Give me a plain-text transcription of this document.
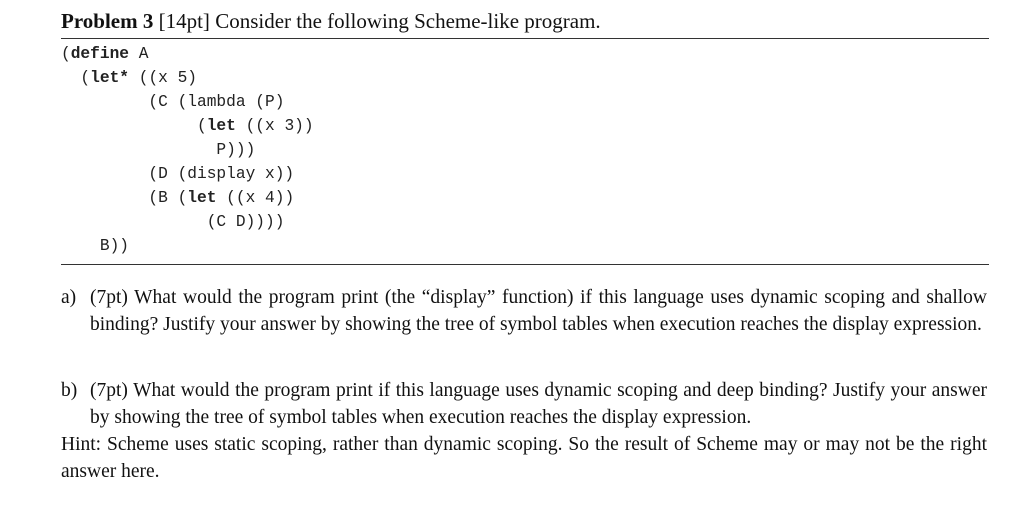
Problem 3 [14pt] Consider the following Scheme-like program.
(define A
(let* ((x 5)
(C (lambda (P)
(let ((x 3))
P)))
(D (display x))
(B (let ((x 4))
(C D))))
B))
a) (7pt) What would the program print (the “display” function) if this language uses dynamic scoping and shallow binding? Justify your answer by showing the tree of symbol tables when execution reaches the display expression.
b) (7pt) What would the program print if this language uses dynamic scoping and deep binding? Justify your answer by showing the tree of symbol tables when execution reaches the display expression.
Hint: Scheme uses static scoping, rather than dynamic scoping. So the result of Scheme may or may not be the right answer here.
